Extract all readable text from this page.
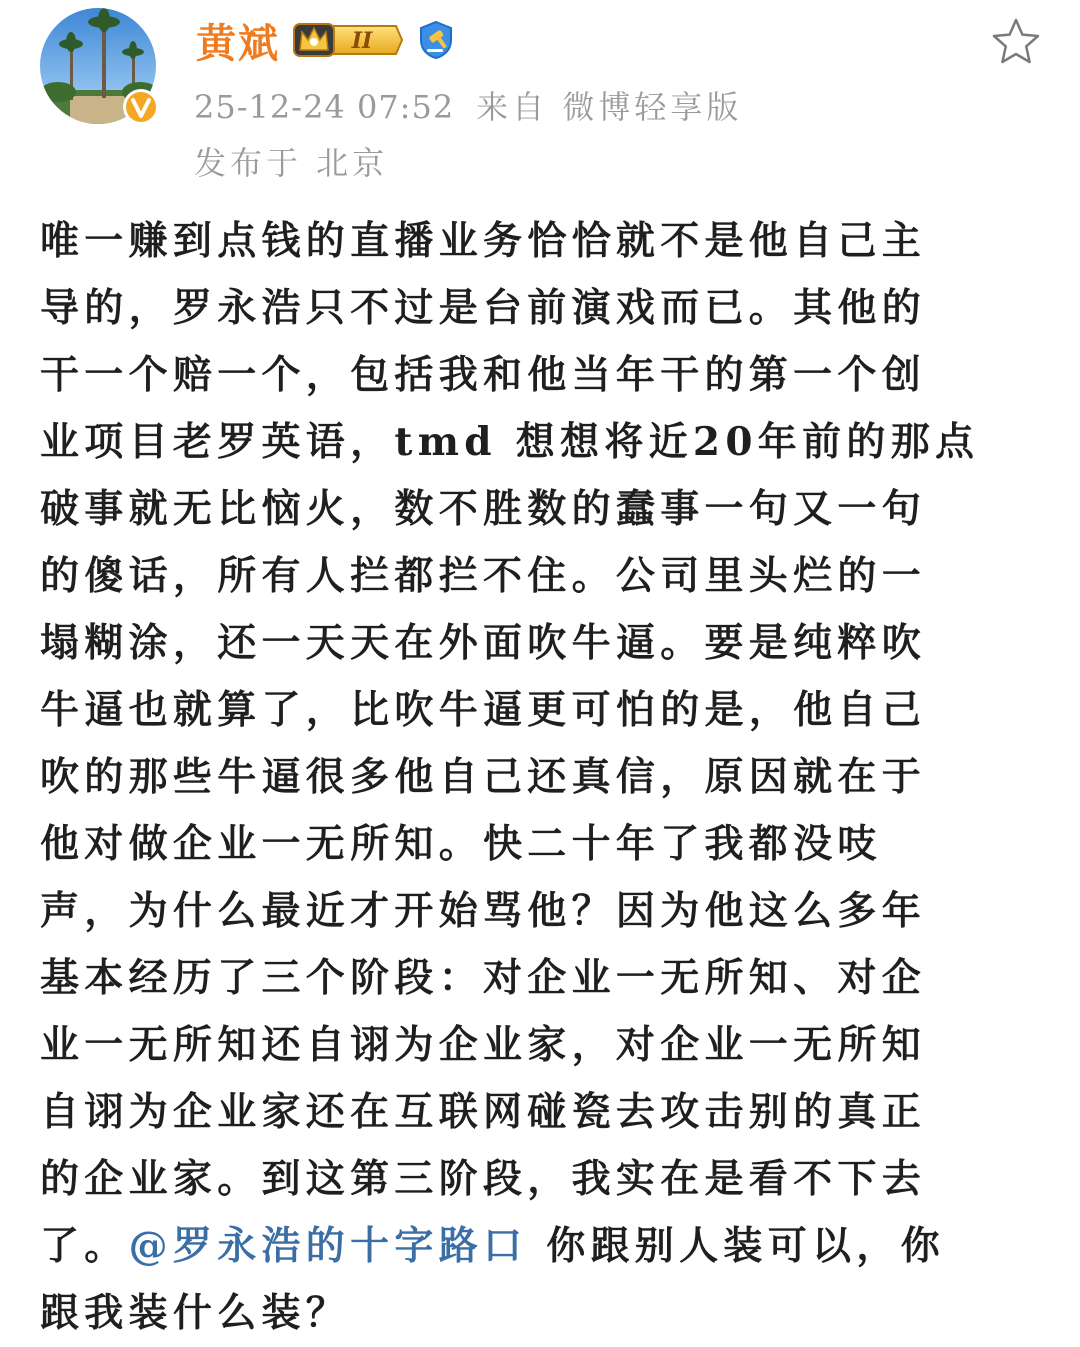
黄斌	II
25-12-24 07:52 来自 微博轻享版
发布于 北京
唯一赚到点钱的直播业务恰恰就不是他自己主
导的，罗永浩只不过是台前演戏而已。其他的
干一个赔一个，包括我和他当年干的第一个创
业项目老罗英语，tmd 想想将近20年前的那点
破事就无比恼火，数不胜数的蠢事一句又一句
的傻话，所有人拦都拦不住。公司里头烂的一
塌糊涂，还一天天在外面吹牛逼。要是纯粹吹
牛逼也就算了，比吹牛逼更可怕的是，他自己
吹的那些牛逼很多他自己还真信，原因就在于
他对做企业一无所知。快二十年了我都没吱
声，为什么最近才开始骂他？因为他这么多年
基本经历了三个阶段：对企业一无所知、对企
业一无所知还自诩为企业家，对企业一无所知
自诩为企业家还在互联网碰瓷去攻击别的真正
的企业家。到这第三阶段，我实在是看不下去
了。@罗永浩的十字路口 你跟别人装可以，你
跟我装什么装？
